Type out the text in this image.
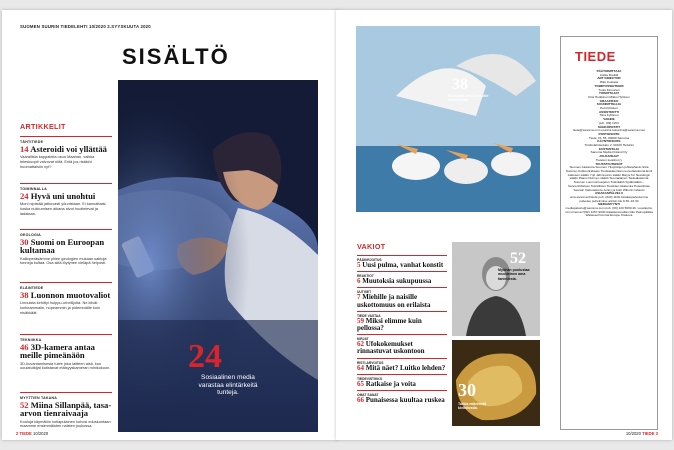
SUOMEN SUURIN TIEDELEHTI 10/2020 2.SYYSKUUTA 2020
SISÄLTÖ
ARTIKKELIT
TÄHTITIEDE
14 Asteroidi voi yllättää
Vaarallisia kappaleita osuu Maahan, vaikka teleskoopit valvovat niitä. Entä jos riskikivi huomattaisiin nyt?
TOIMINNALLA
24 Hyvä uni unohtui
Moni nipistää jatkuvasti yöunistaan. Ei kannattaisi, koska nukkumisen aikana aivot huoltelevat ja ladataan.
GEOLOGIA
30 Suomi on Euroopan kultamaa
Kallioperäsämme piilee geologien mukaan saktoja tonneja kultaa. Osa siitä löytynee vieläpä helposti.
ELÄINTIEDE
38 Luonnon muotovaliot
Linnuista kehittyi huippu-urheilijoita. Ne kiivät korkeammalle, nopeammin ja pidemmälle kuin nisäkkäät.
TEKNIIKKA
46 3D-kamera antaa meille pimeänäön
3D-kuvantamisesta tulee joka laitteen aisti, kun ooulatutkijat kutistavat etäisyyskameran minikokoon.
MYYTTIEN TAKANA
52 Miina Sillanpää, tasa-arvon tienraivaaja
Koulujа käymätön kotiapulainen kohosi eduskuntaan maamme ensimmäisten naisten joukossa.
24
Sosiaalinen media varastaa elintärkeitä tunteja.
2 TIEDE 10/2020
38
Evoluutio antoi linnuille eksoottikas.
VAKIOT
PÄÄKIRJOITUS
5 Uusi pulma, vanhat konstit
REAKTIOT
6 Muutoksia sukupuussa
UUTISET
7 Miehille ja naisille uskottomuus on erilaista
TIEDE VASTAA
59 Miksi elimme kuin pellossa?
KIRJAT
62 Ufokokemukset rinnastuvat uskontoon
RISTI-ARVOITUS
64 Mitä näet? Luitko lehden?
TIEDEVISTIKKO
65 Ratkaise ja voita
OMAT SANAT
66 Punaisessa kuultaa ruskea
52
Myöhän puolustaa muodeinen ama fanimiesta.
30
Tutkia mikrenelä kivilotostia.
TIEDE
PÄÄTOIMITTAJA
Jukka Ruukki
ART DIRECTOR
Riku Koskela
TOIMITUSSIHTEERI
Tuula Kinnunen
TOIMITTAJAT
Kirsi Heikkinen Mikko Hyttinen
GRAAFIKKO

SUUNNITTELIJA
Petri Rolsten
ASSISTENTTI
Tiina Kyllönen
VAIHDE
puh. (09) 1201
SÄHKÖPOSTIT
tiede@sanoma.com etunimi.sukunimi@sanoma.com
POSTIOSOITE
Tiede, PL 55, 00090 Sanoma
KÄYNTIOSOITE
Töölönlahdenkatu 2, 00100 Helsinki
KUSTANTAJA
Sanoma Media Finland Oy
JULKAISIJAT
Tietelen tiedohut ry
TAUSTAYHTEISÖT
Suomen Akatemia Suomen Yliopistojen juhlarahasto Sitra Suomen Kulttuurirahasto Tiedeakatemian neuvottelukunta Emil Aaltosen säätiö Yrjö Jahnssonin säätiö Maj ja Tor Nesslingin säätiö Paavo Nurmen säätiö Suomalainen Tiedeakatemia Suomen Luonnonsuojelun Tukisäätiö Sydäntäätiö – Cancerstiftelsen Teknillisten Tieteiden Akatemia Tieteellisten Seurain Valtuuskunta Jenny ja Antti Wihurin rahasto
ASIAKASPALVELU
oma.sanoma.fi/tiede puh. (020) 1100 Asiakaspalvelumme palvelee puhelimitse arkisin klo 8.30–16.30
MEDIAMYYNTI
mediapalvelu@sanoma.com puh. (09) 120 5090 40. vuosikerta, 14 numeroa ISSN 1457-9030 Aikakausmedian liitto Painopaikka Walstead Central Europe Krakova
10/2020 TIEDE 3
